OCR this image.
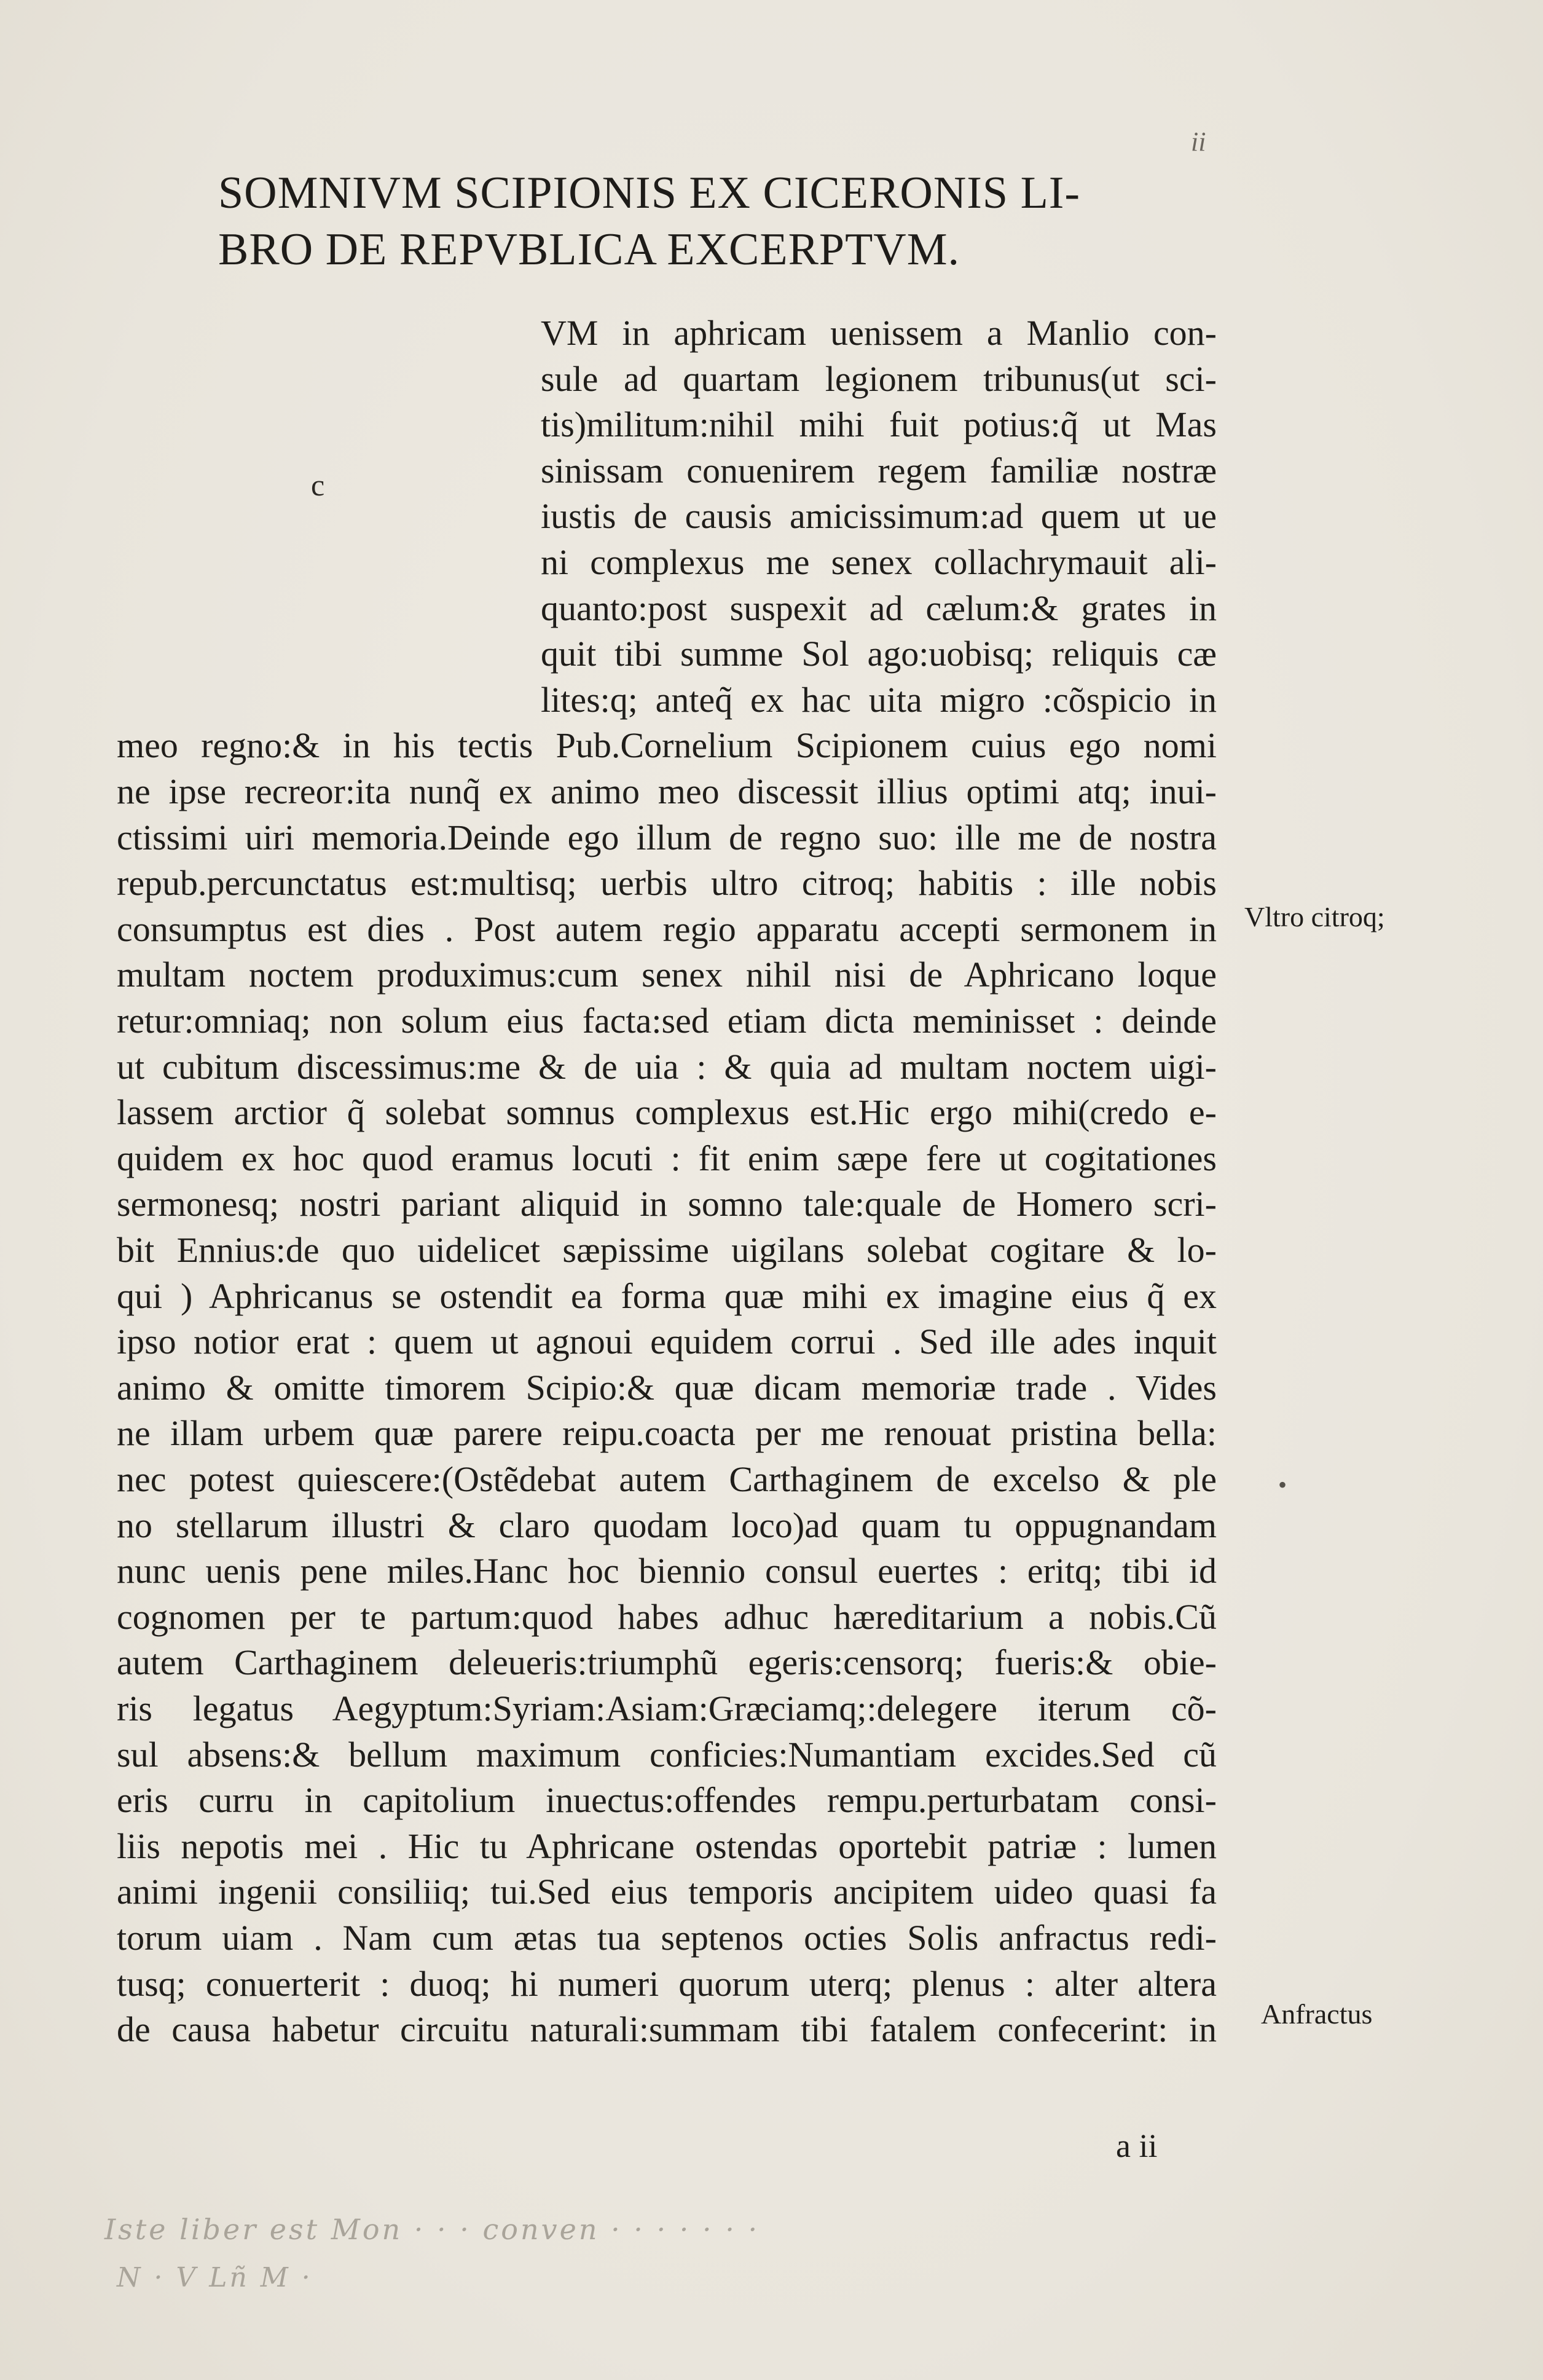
ii
SOMNIVM SCIPIONIS EX CICERONIS LI-
BRO DE REPVBLICA EXCERPTVM.
c
VM in aphricam uenissem a Manlio con-
sule ad quartam legionem tribunus(ut sci-
tis)militum:nihil mihi fuit potius:q̃ ut Mas
sinissam conuenirem regem familiæ nostræ
iustis de causis amicissimum:ad quem ut ue
ni complexus me senex collachrymauit ali-
quanto:post suspexit ad cælum:& grates in
quit tibi summe Sol ago:uobisq; reliquis cæ
lites:q; anteq̃ ex hac uita migro :cõspicio in
meo regno:& in his tectis Pub.Cornelium Scipionem cuius ego nomi
ne ipse recreor:ita nunq̃ ex animo meo discessit illius optimi atq; inui-
ctissimi uiri memoria.Deinde ego illum de regno suo: ille me de nostra
repub.percunctatus est:multisq; uerbis ultro citroq; habitis : ille nobis
consumptus est dies . Post autem regio apparatu accepti sermonem in
multam noctem produximus:cum senex nihil nisi de Aphricano loque
retur:omniaq; non solum eius facta:sed etiam dicta meminisset : deinde
ut cubitum discessimus:me & de uia : & quia ad multam noctem uigi-
lassem arctior q̃ solebat somnus complexus est.Hic ergo mihi(credo e-
quidem ex hoc quod eramus locuti : fit enim sæpe fere ut cogitationes
sermonesq; nostri pariant aliquid in somno tale:quale de Homero scri-
bit Ennius:de quo uidelicet sæpissime uigilans solebat cogitare & lo-
qui ) Aphricanus se ostendit ea forma quæ mihi ex imagine eius q̃ ex
ipso notior erat : quem ut agnoui equidem corrui . Sed ille ades inquit
animo & omitte timorem Scipio:& quæ dicam memoriæ trade . Vides
ne illam urbem quæ parere reipu.coacta per me renouat pristina bella:
nec potest quiescere:(Ostẽdebat autem Carthaginem de excelso & ple
no stellarum illustri & claro quodam loco)ad quam tu oppugnandam
nunc uenis pene miles.Hanc hoc biennio consul euertes : eritq; tibi id
cognomen per te partum:quod habes adhuc hæreditarium a nobis.Cũ
autem Carthaginem deleueris:triumphũ egeris:censorq; fueris:& obie-
ris legatus Aegyptum:Syriam:Asiam:Græciamq;:delegere iterum cõ-
sul absens:& bellum maximum conficies:Numantiam excides.Sed cũ
eris curru in capitolium inuectus:offendes rempu.perturbatam consi-
liis nepotis mei . Hic tu Aphricane ostendas oportebit patriæ : lumen
animi ingenii consiliiq; tui.Sed eius temporis ancipitem uideo quasi fa
torum uiam . Nam cum ætas tua septenos octies Solis anfractus redi-
tusq; conuerterit : duoq; hi numeri quorum uterq; plenus : alter altera
de causa habetur circuitu naturali:summam tibi fatalem confecerint: in
Vltro citroq;
Anfractus
•
a ii
Iste liber est Mon · · · conven · · · · · · ·
N · V Lñ M ·
